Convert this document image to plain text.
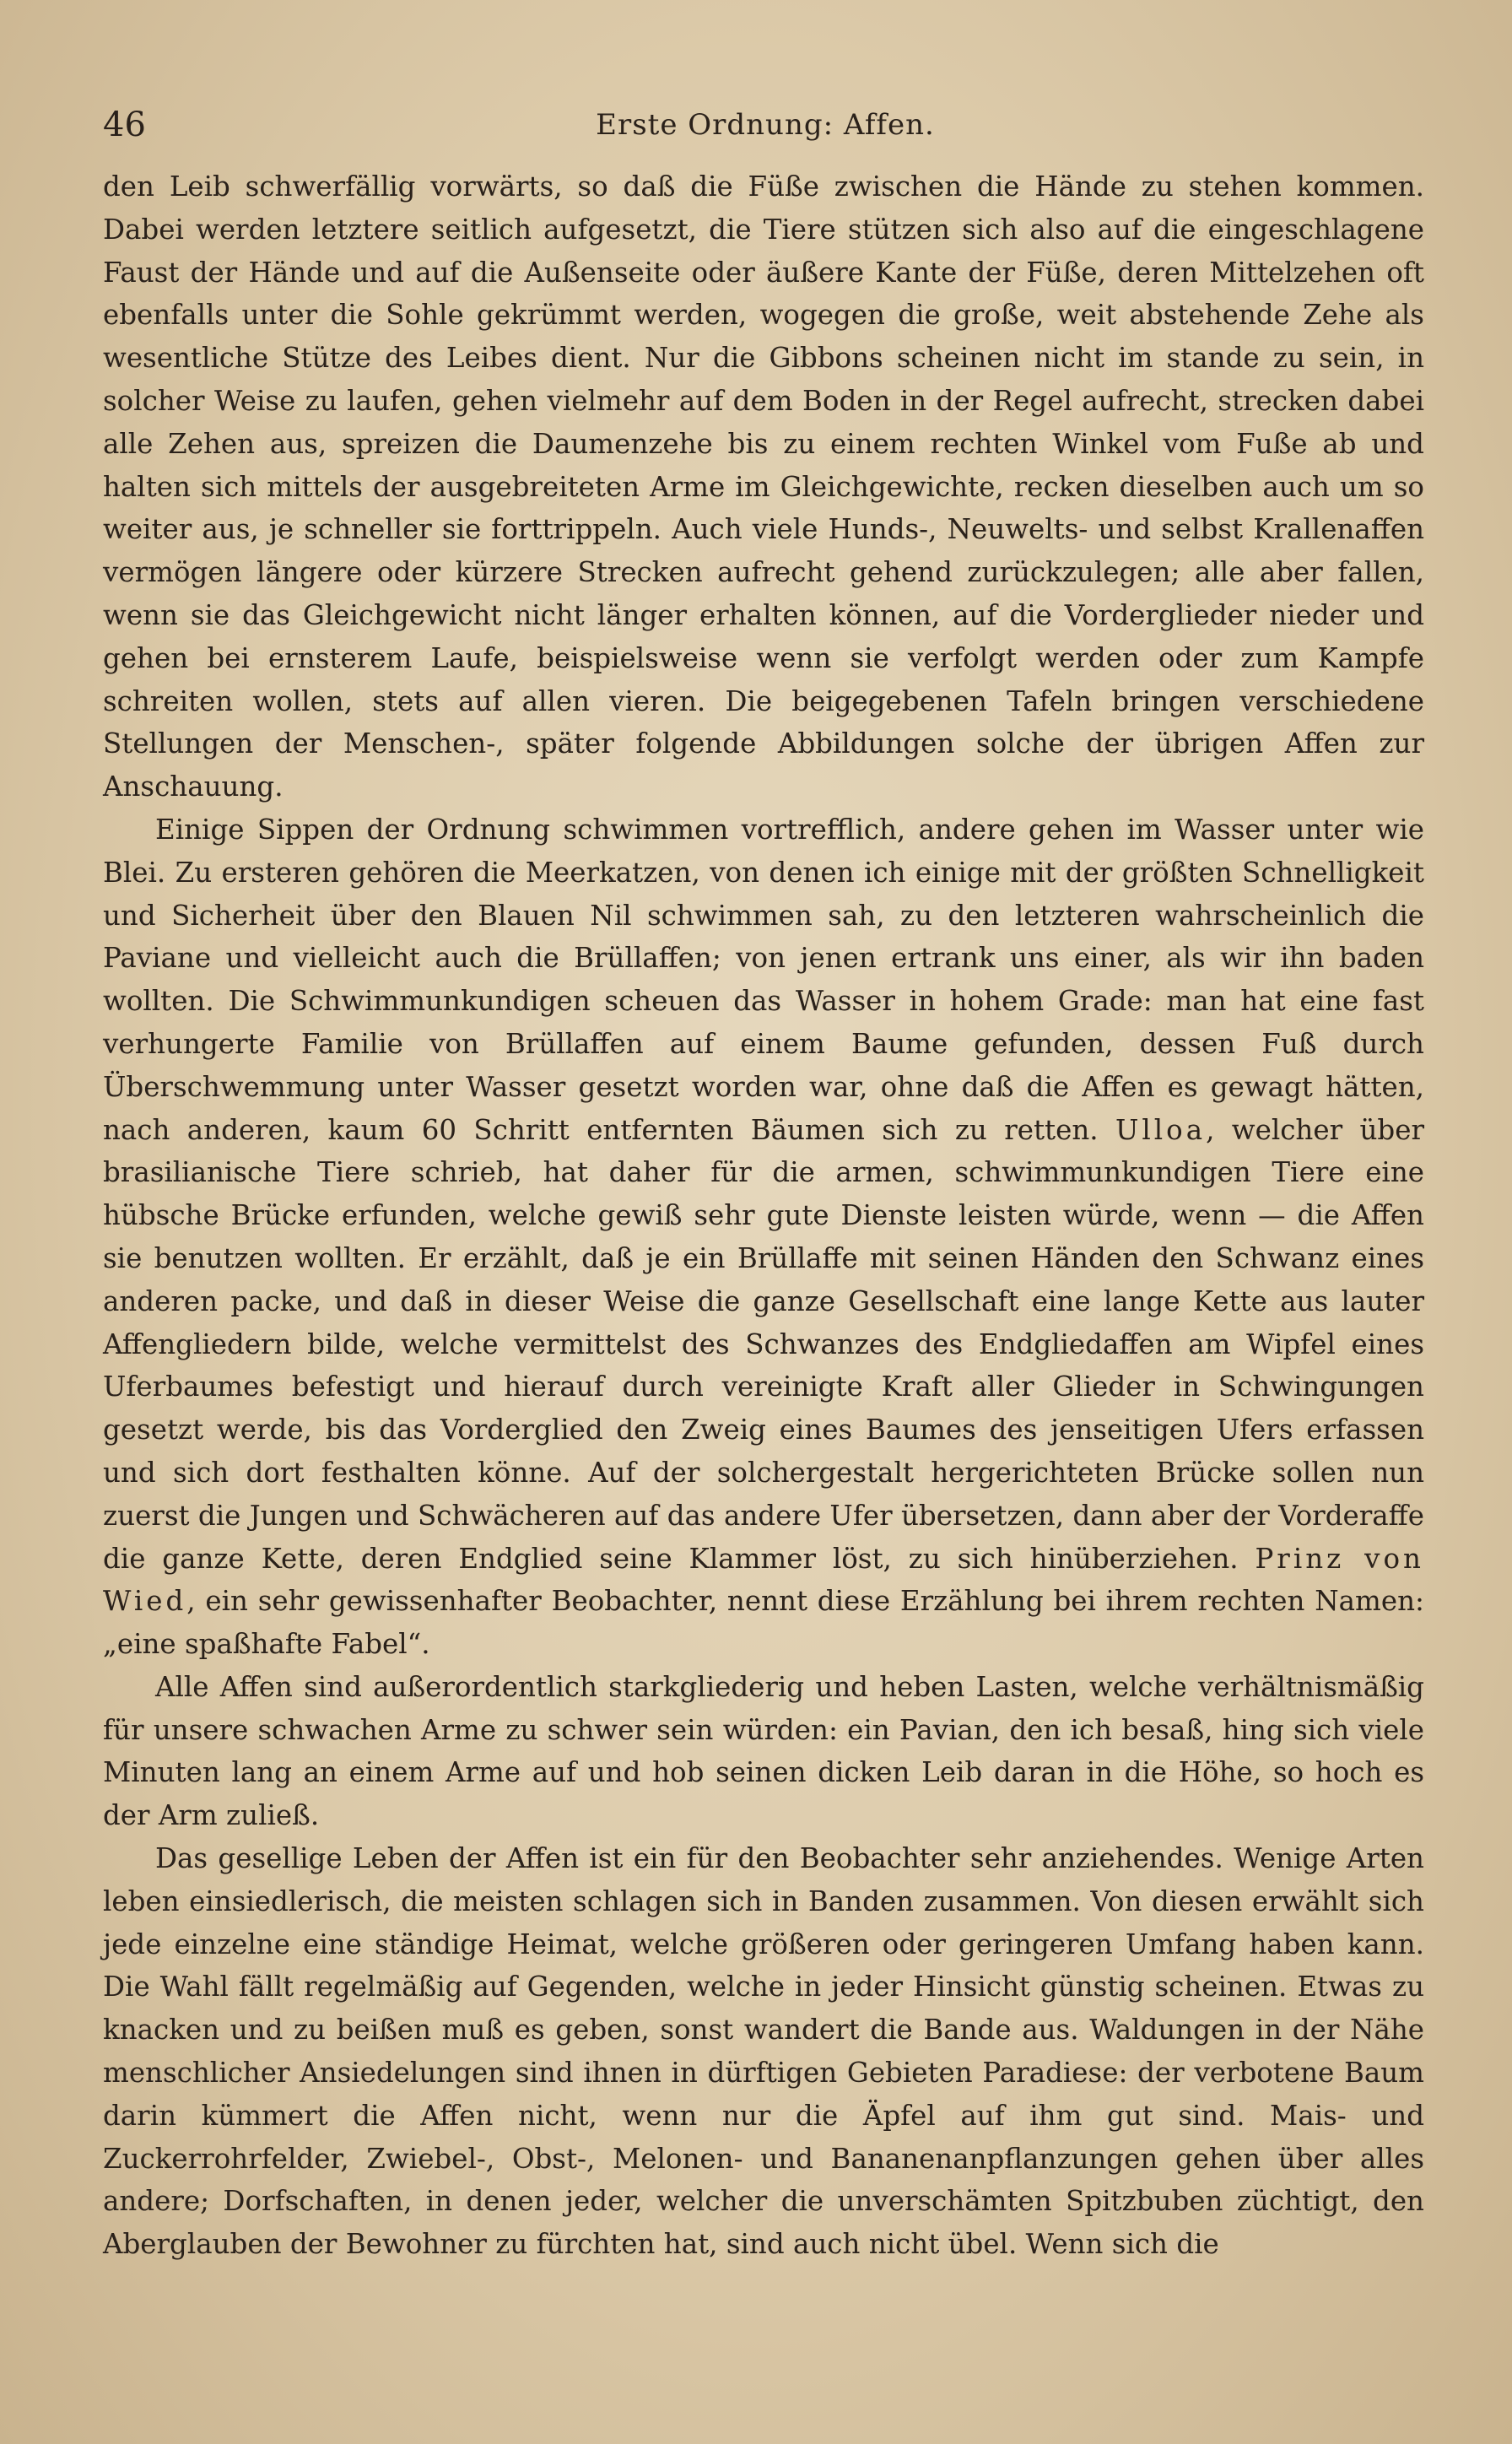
46	Erste Ordnung: Affen.

den Leib schwerfällig vorwärts, so daß die Füße zwischen die Hände zu stehen kommen. Dabei werden letztere seitlich aufgesetzt, die Tiere stützen sich also auf die eingeschlagene Faust der Hände und auf die Außenseite oder äußere Kante der Füße, deren Mittelzehen oft ebenfalls unter die Sohle gekrümmt werden, wogegen die große, weit abstehende Zehe als wesentliche Stütze des Leibes dient. Nur die Gibbons scheinen nicht im stande zu sein, in solcher Weise zu laufen, gehen vielmehr auf dem Boden in der Regel aufrecht, strecken dabei alle Zehen aus, spreizen die Daumenzehe bis zu einem rechten Winkel vom Fuße ab und halten sich mittels der ausgebreiteten Arme im Gleichgewichte, recken dieselben auch um so weiter aus, je schneller sie forttrippeln. Auch viele Hunds-, Neuwelts- und selbst Krallenaffen vermögen längere oder kürzere Strecken aufrecht gehend zurückzulegen; alle aber fallen, wenn sie das Gleichgewicht nicht länger erhalten können, auf die Vorderglieder nieder und gehen bei ernsterem Laufe, beispielsweise wenn sie verfolgt werden oder zum Kampfe schreiten wollen, stets auf allen vieren. Die beigegebenen Tafeln bringen verschiedene Stellungen der Menschen-, später folgende Abbildungen solche der übrigen Affen zur Anschauung.

Einige Sippen der Ordnung schwimmen vortrefflich, andere gehen im Wasser unter wie Blei. Zu ersteren gehören die Meerkatzen, von denen ich einige mit der größten Schnelligkeit und Sicherheit über den Blauen Nil schwimmen sah, zu den letzteren wahrscheinlich die Paviane und vielleicht auch die Brüllaffen; von jenen ertrank uns einer, als wir ihn baden wollten. Die Schwimmunkundigen scheuen das Wasser in hohem Grade: man hat eine fast verhungerte Familie von Brüllaffen auf einem Baume gefunden, dessen Fuß durch Überschwemmung unter Wasser gesetzt worden war, ohne daß die Affen es gewagt hätten, nach anderen, kaum 60 Schritt entfernten Bäumen sich zu retten. Ulloa, welcher über brasilianische Tiere schrieb, hat daher für die armen, schwimmunkundigen Tiere eine hübsche Brücke erfunden, welche gewiß sehr gute Dienste leisten würde, wenn — die Affen sie benutzen wollten. Er erzählt, daß je ein Brüllaffe mit seinen Händen den Schwanz eines anderen packe, und daß in dieser Weise die ganze Gesellschaft eine lange Kette aus lauter Affengliedern bilde, welche vermittelst des Schwanzes des Endgliedaffen am Wipfel eines Uferbaumes befestigt und hierauf durch vereinigte Kraft aller Glieder in Schwingungen gesetzt werde, bis das Vorderglied den Zweig eines Baumes des jenseitigen Ufers erfassen und sich dort festhalten könne. Auf der solchergestalt hergerichteten Brücke sollen nun zuerst die Jungen und Schwächeren auf das andere Ufer übersetzen, dann aber der Vorderaffe die ganze Kette, deren Endglied seine Klammer löst, zu sich hinüberziehen. Prinz von Wied, ein sehr gewissenhafter Beobachter, nennt diese Erzählung bei ihrem rechten Namen: „eine spaßhafte Fabel“.

Alle Affen sind außerordentlich starkgliederig und heben Lasten, welche verhältnismäßig für unsere schwachen Arme zu schwer sein würden: ein Pavian, den ich besaß, hing sich viele Minuten lang an einem Arme auf und hob seinen dicken Leib daran in die Höhe, so hoch es der Arm zuließ.

Das gesellige Leben der Affen ist ein für den Beobachter sehr anziehendes. Wenige Arten leben einsiedlerisch, die meisten schlagen sich in Banden zusammen. Von diesen erwählt sich jede einzelne eine ständige Heimat, welche größeren oder geringeren Umfang haben kann. Die Wahl fällt regelmäßig auf Gegenden, welche in jeder Hinsicht günstig scheinen. Etwas zu knacken und zu beißen muß es geben, sonst wandert die Bande aus. Waldungen in der Nähe menschlicher Ansiedelungen sind ihnen in dürftigen Gebieten Paradiese: der verbotene Baum darin kümmert die Affen nicht, wenn nur die Äpfel auf ihm gut sind. Mais- und Zuckerrohrfelder, Zwiebel-, Obst-, Melonen- und Bananenanpflanzungen gehen über alles andere; Dorfschaften, in denen jeder, welcher die unverschämten Spitzbuben züchtigt, den Aberglauben der Bewohner zu fürchten hat, sind auch nicht übel. Wenn sich die
